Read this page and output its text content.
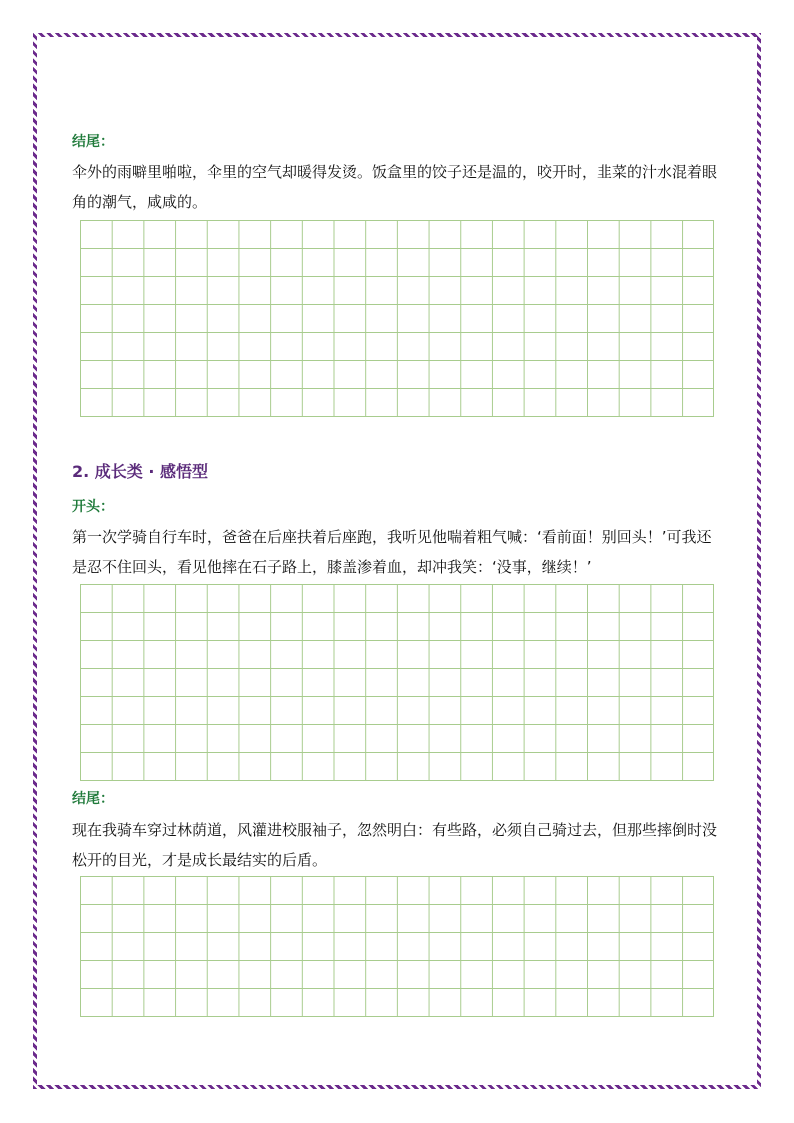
结尾：

伞外的雨噼里啪啦，伞里的空气却暖得发烫。饭盒里的饺子还是温的，咬开时，韭菜的汁水混着眼角的潮气，咸咸的。

2. 成长类 · 感悟型

开头：

第一次学骑自行车时，爸爸在后座扶着后座跑，我听见他喘着粗气喊：‘看前面！别回头！’可我还是忍不住回头，看见他摔在石子路上，膝盖渗着血，却冲我笑：‘没事，继续！’

结尾：

现在我骑车穿过林荫道，风灌进校服袖子，忽然明白：有些路，必须自己骑过去，但那些摔倒时没松开的目光，才是成长最结实的后盾。
